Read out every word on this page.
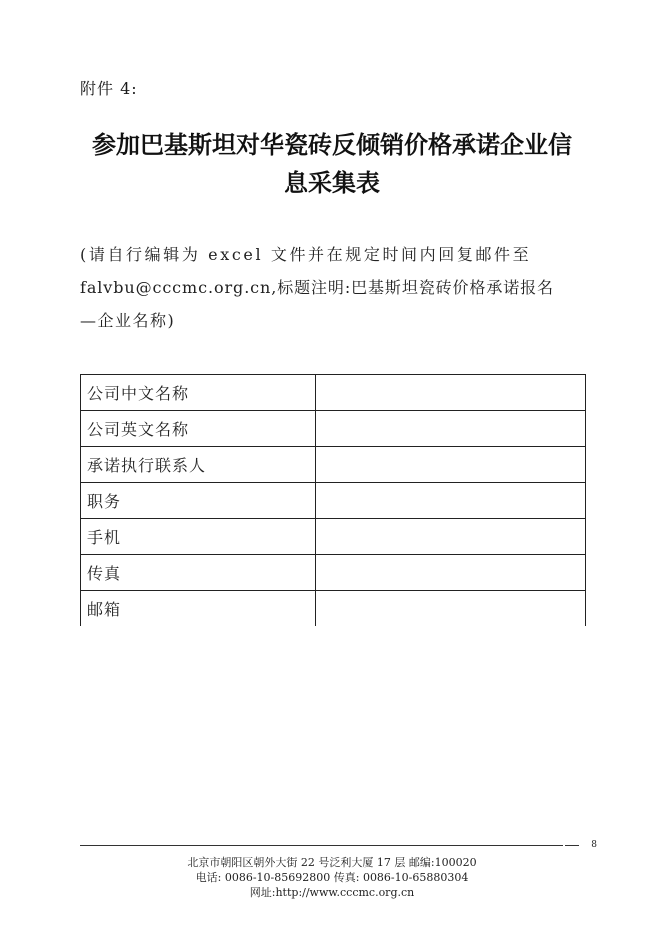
附件 4:
参加巴基斯坦对华瓷砖反倾销价格承诺企业信
息采集表
(请自行编辑为 excel 文件并在规定时间内回复邮件至
falvbu@cccmc.org.cn,标题注明:巴基斯坦瓷砖价格承诺报名
—企业名称)
公司中文名称	
公司英文名称	
承诺执行联系人	
职务	
手机	
传真	
邮箱	
8
北京市朝阳区朝外大街 22 号泛利大厦 17 层 邮编:100020
电话: 0086-10-85692800 传真: 0086-10-65880304
网址:http://www.cccmc.org.cn
